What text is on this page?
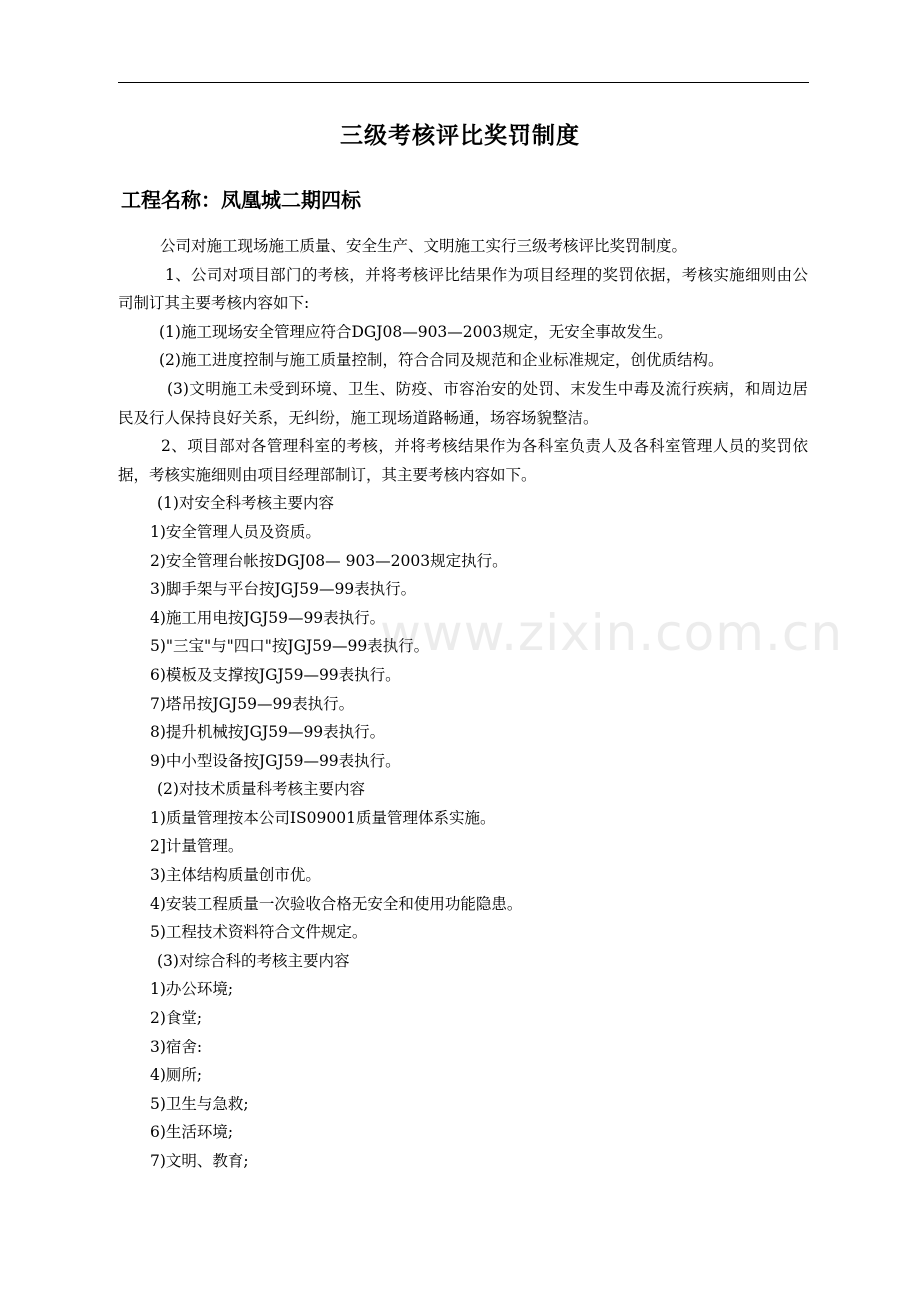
三级考核评比奖罚制度
工程名称：凤凰城二期四标

公司对施工现场施工质量、安全生产、文明施工实行三级考核评比奖罚制度。

1、公司对项目部门的考核，并将考核评比结果作为项目经理的奖罚依据，考核实施细则由公司制订其主要考核内容如下:

(1)施工现场安全管理应符合DGJ08—903—2003规定，无安全事故发生。

(2)施工进度控制与施工质量控制，符合合同及规范和企业标准规定，创优质结构。

(3)文明施工未受到环境、卫生、防疫、市容治安的处罚、末发生中毒及流行疾病，和周边居民及行人保持良好关系，无纠纷，施工现场道路畅通，场容场貌整洁。

2、项目部对各管理科室的考核，并将考核结果作为各科室负责人及各科室管理人员的奖罚依据，考核实施细则由项目经理部制订，其主要考核内容如下。

(1)对安全科考核主要内容

1)安全管理人员及资质。

2)安全管理台帐按DGJ08— 903—2003规定执行。

3)脚手架与平台按JGJ59—99表执行。

4)施工用电按JGJ59—99表执行。

5)"三宝"与"四口"按JGJ59—99表执行。

6)模板及支撑按JGJ59—99表执行。

7)塔吊按JGJ59—99表执行。

8)提升机械按JGJ59—99表执行。

9)中小型设备按JGJ59—99表执行。

(2)对技术质量科考核主要内容

1)质量管理按本公司IS09001质量管理体系实施。

2]计量管理。

3)主体结构质量创市优。

4)安装工程质量一次验收合格无安全和使用功能隐患。

5)工程技术资料符合文件规定。

(3)对综合科的考核主要内容

1)办公环境;

2)食堂;

3)宿舍:

4)厕所;

5)卫生与急救;

6)生活环境;

7)文明、教育;

www.zixin.com.cn
